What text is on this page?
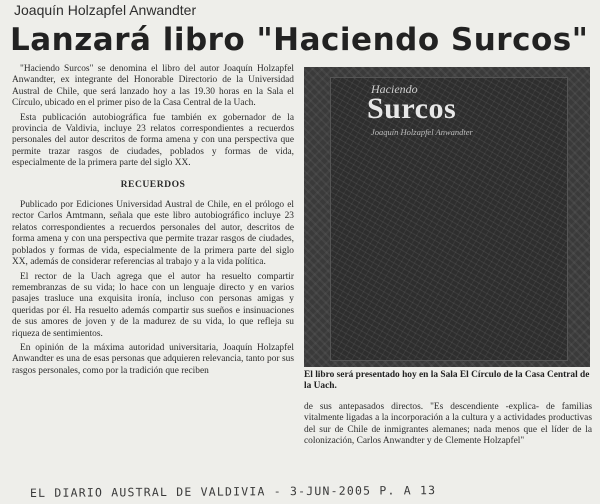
Joaquín Holzapfel Anwandter
Lanzará libro "Haciendo Surcos"

"Haciendo Surcos" se denomina el libro del autor Joaquín Holzapfel Anwandter, ex integrante del Honorable Directorio de la Universidad Austral de Chile, que será lanzado hoy a las 19.30 horas en la Sala el Círculo, ubicado en el primer piso de la Casa Central de la Uach.

Esta publicación autobiográfica fue también ex gobernador de la provincia de Valdivia, incluye 23 relatos correspondientes a recuerdos personales del autor descritos de forma amena y con una perspectiva que permite trazar rasgos de ciudades, poblados y formas de vida, especialmente de la primera parte del siglo XX.

RECUERDOS

Publicado por Ediciones Universidad Austral de Chile, en el prólogo el rector Carlos Amtmann, señala que este libro autobiográfico incluye 23 relatos correspondientes a recuerdos personales del autor, descritos de forma amena y con una perspectiva que permite trazar rasgos de ciudades, poblados y formas de vida, especialmente de la primera parte del siglo XX, además de considerar referencias al trabajo y a la vida política.

El rector de la Uach agrega que el autor ha resuelto compartir remembranzas de su vida; lo hace con un lenguaje directo y en varios pasajes trasluce una exquisita ironía, incluso con personas amigas y queridas por él. Ha resuelto además compartir sus sueños e insinuaciones de sus amores de joven y de la madurez de su vida, lo que refleja su riqueza de sentimientos.

En opinión de la máxima autoridad universitaria, Joaquín Holzapfel Anwandter es una de esas personas que adquieren relevancia, tanto por sus rasgos personales, como por la tradición que reciben

Haciendo
Surcos
Joaquín Holzapfel Anwandter
El libro será presentado hoy en la Sala El Círculo de la Casa Central de la Uach.

de sus antepasados directos. "Es descendiente -explica- de familias vitalmente ligadas a la incorporación a la cultura y a actividades productivas del sur de Chile de inmigrantes alemanes; nada menos que el líder de la colonización, Carlos Anwandter y de Clemente Holzapfel"

EL DIARIO AUSTRAL DE VALDIVIA - 3-JUN-2005 P. A 13
